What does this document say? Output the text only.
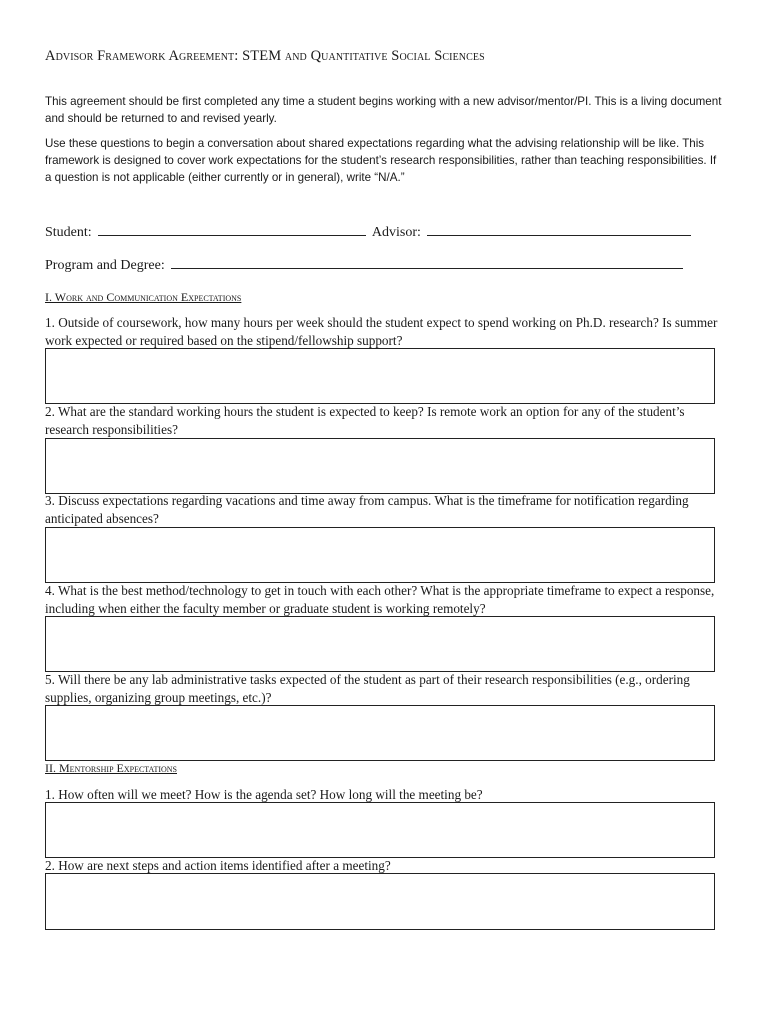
Advisor Framework Agreement: STEM and Quantitative Social Sciences
This agreement should be first completed any time a student begins working with a new advisor/mentor/PI. This is a living document and should be returned to and revised yearly.
Use these questions to begin a conversation about shared expectations regarding what the advising relationship will be like. This framework is designed to cover work expectations for the student’s research responsibilities, rather than teaching responsibilities. If a question is not applicable (either currently or in general), write “N/A.”
Student:	Advisor:
Program and Degree:
I. Work and Communication Expectations
1. Outside of coursework, how many hours per week should the student expect to spend working on Ph.D. research? Is summer work expected or required based on the stipend/fellowship support?
2. What are the standard working hours the student is expected to keep? Is remote work an option for any of the student’s research responsibilities?
3. Discuss expectations regarding vacations and time away from campus. What is the timeframe for notification regarding anticipated absences?
4. What is the best method/technology to get in touch with each other? What is the appropriate timeframe to expect a response, including when either the faculty member or graduate student is working remotely?
5. Will there be any lab administrative tasks expected of the student as part of their research responsibilities (e.g., ordering supplies, organizing group meetings, etc.)?
II. Mentorship Expectations
1. How often will we meet? How is the agenda set? How long will the meeting be?
2. How are next steps and action items identified after a meeting?
